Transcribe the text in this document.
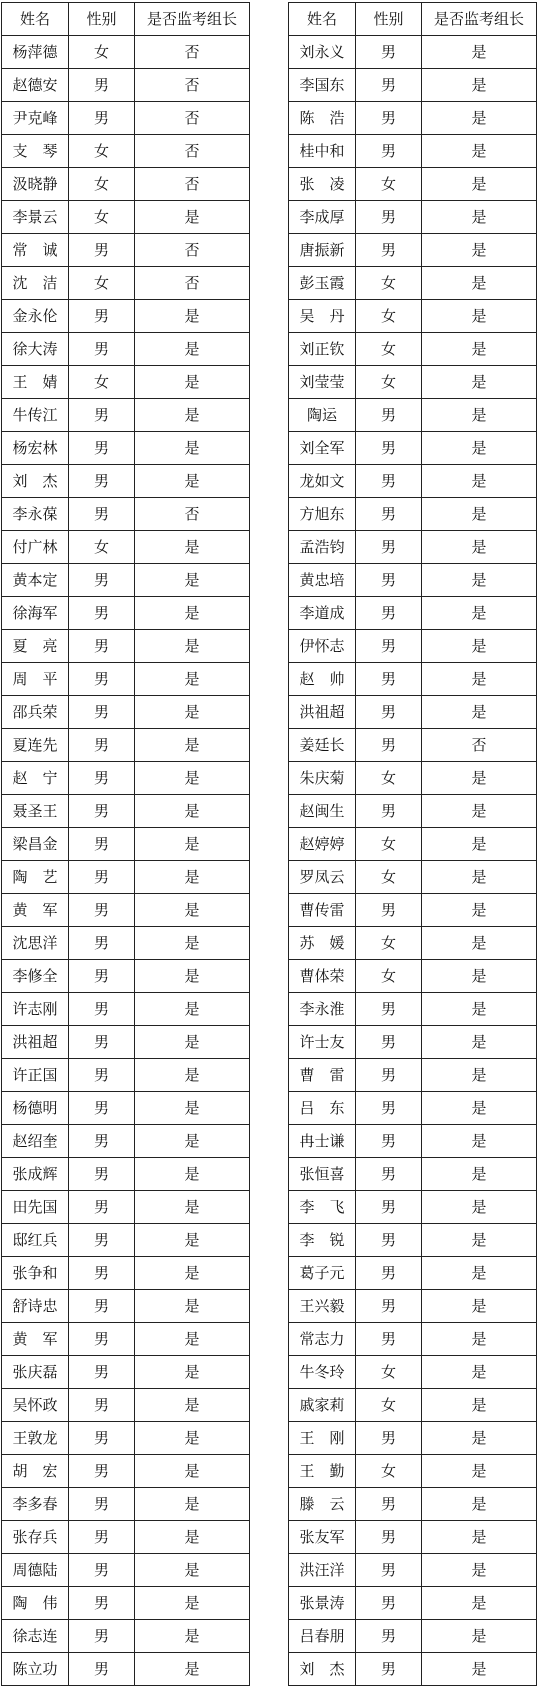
姓名	性别	是否监考组长
杨萍德	女	否
赵德安	男	否
尹克峰	男	否
支　琴	女	否
汲晓静	女	否
李景云	女	是
常　诚	男	否
沈　洁	女	否
金永伦	男	是
徐大涛	男	是
王　婧	女	是
牛传江	男	是
杨宏林	男	是
刘　杰	男	是
李永葆	男	否
付广林	女	是
黄本定	男	是
徐海军	男	是
夏　亮	男	是
周　平	男	是
邵兵荣	男	是
夏连先	男	是
赵　宁	男	是
聂圣王	男	是
梁昌金	男	是
陶　艺	男	是
黄　军	男	是
沈思洋	男	是
李修全	男	是
许志刚	男	是
洪祖超	男	是
许正国	男	是
杨德明	男	是
赵绍奎	男	是
张成辉	男	是
田先国	男	是
邸红兵	男	是
张争和	男	是
舒诗忠	男	是
黄　军	男	是
张庆磊	男	是
吴怀政	男	是
王敦龙	男	是
胡　宏	男	是
李多春	男	是
张存兵	男	是
周德陆	男	是
陶　伟	男	是
徐志连	男	是
陈立功	男	是
姓名	性别	是否监考组长
刘永义	男	是
李国东	男	是
陈　浩	男	是
桂中和	男	是
张　凌	女	是
李成厚	男	是
唐振新	男	是
彭玉霞	女	是
吴　丹	女	是
刘正钦	女	是
刘莹莹	女	是
陶运	男	是
刘全军	男	是
龙如文	男	是
方旭东	男	是
孟浩钧	男	是
黄忠培	男	是
李道成	男	是
伊怀志	男	是
赵　帅	男	是
洪祖超	男	是
姜廷长	男	否
朱庆菊	女	是
赵闽生	男	是
赵婷婷	女	是
罗凤云	女	是
曹传雷	男	是
苏　媛	女	是
曹体荣	女	是
李永淮	男	是
许士友	男	是
曹　雷	男	是
吕　东	男	是
冉士谦	男	是
张恒喜	男	是
李　飞	男	是
李　锐	男	是
葛子元	男	是
王兴毅	男	是
常志力	男	是
牛冬玲	女	是
戚家莉	女	是
王　刚	男	是
王　勤	女	是
滕　云	男	是
张友军	男	是
洪汪洋	男	是
张景涛	男	是
吕春朋	男	是
刘　杰	男	是
